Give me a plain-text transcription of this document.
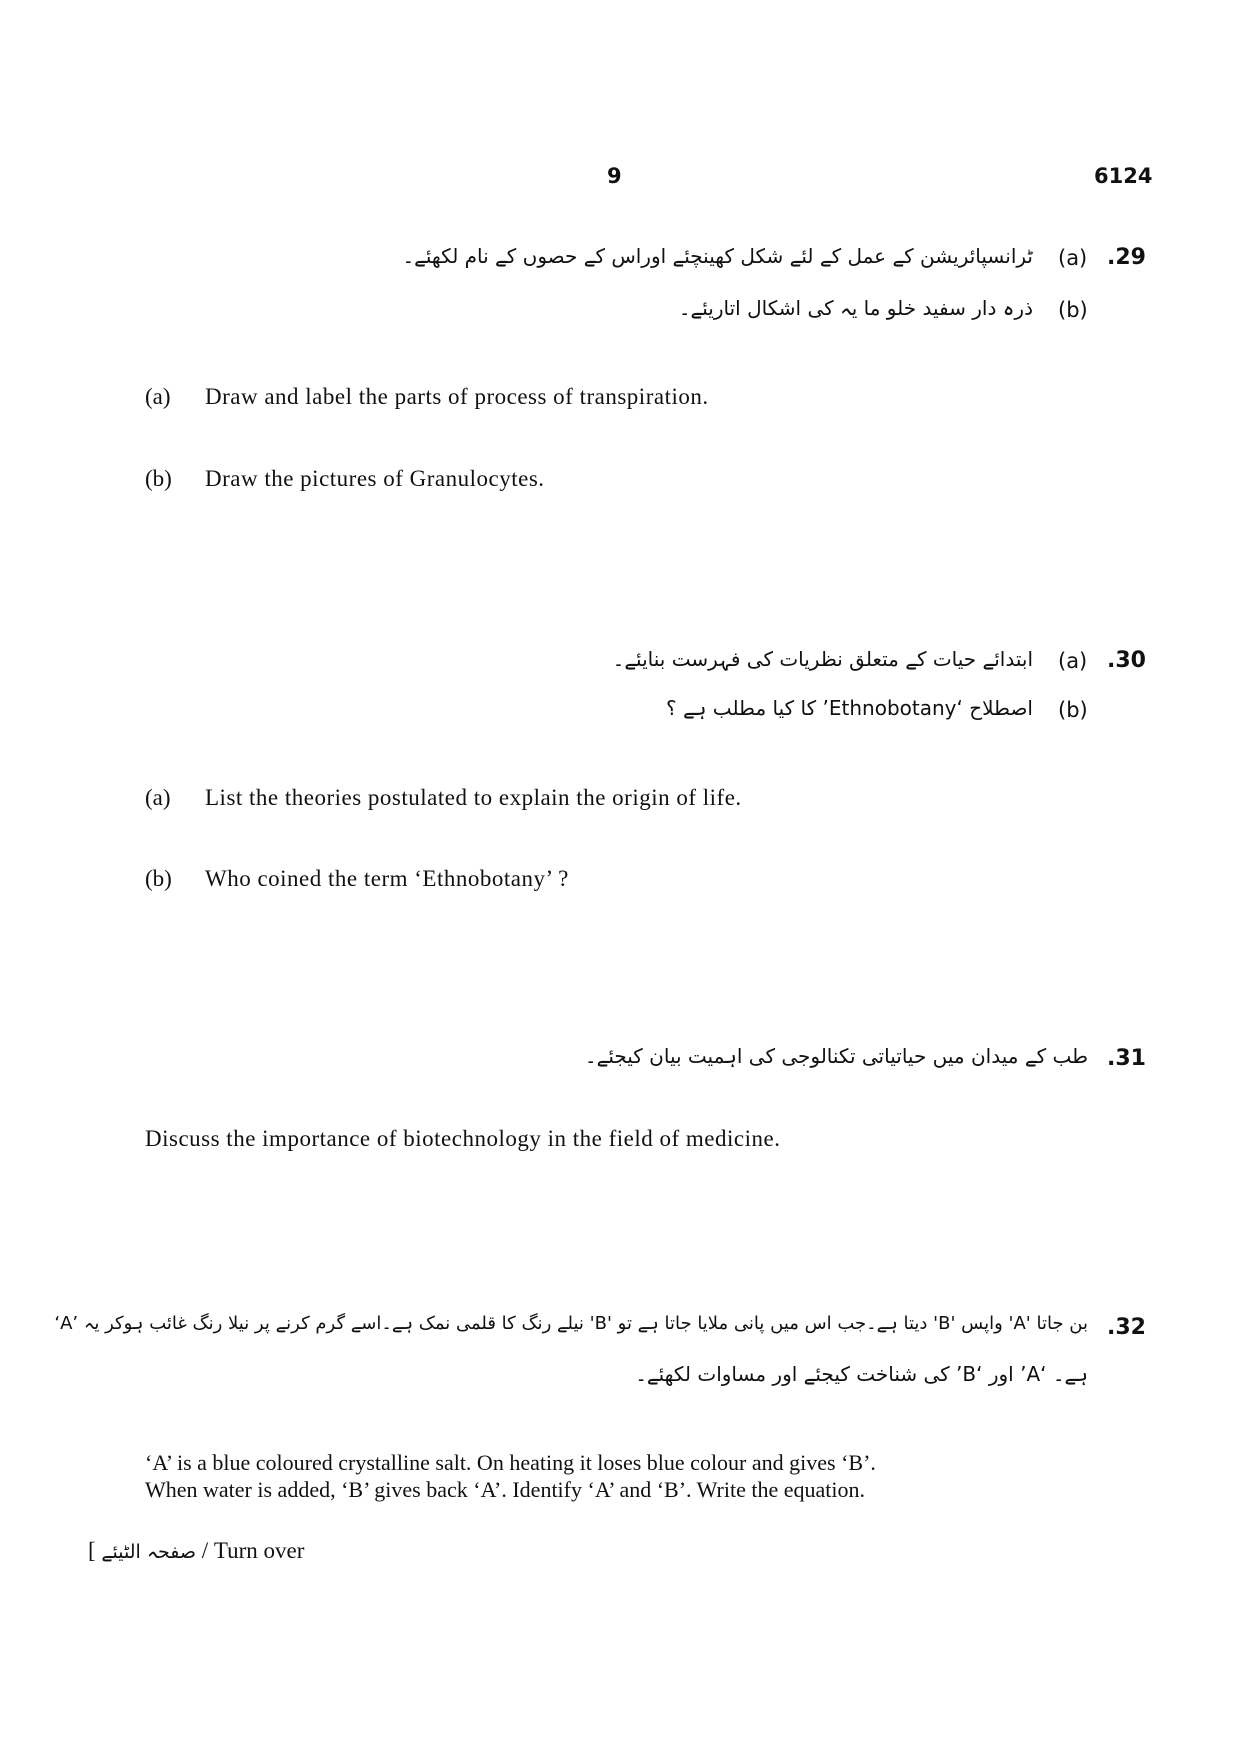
9	6124
.29
(a)
ٹرانسپائریشن کے عمل کے لئے شکل کھینچئے اوراس کے حصوں کے نام لکھئے۔
(b)
ذرہ دار سفید خلو ما یہ کی اشکال اتاریئے۔
(a) Draw and label the parts of process of transpiration.
(b) Draw the pictures of Granulocytes.
.30
(a)
ابتدائے حیات کے متعلق نظریات کی فہرست بنایئے۔
(b)
اصطلاح ‘Ethnobotany’ کا کیا مطلب ہے ؟
(a) List the theories postulated to explain the origin of life.
(b) Who coined the term ‘Ethnobotany’ ?
.31
طب کے میدان میں حیاتیاتی تکنالوجی کی اہمیت بیان کیجئے۔
Discuss the importance of biotechnology in the field of medicine.
.32
‘A’ نیلے رنگ کا قلمی نمک ہے۔اسے گرم کرنے پر نیلا رنگ غائب ہوکر یہ 'B' دیتا ہے۔جب اس میں پانی ملایا جاتا ہے تو 'B' واپس 'A' بن جاتا
ہے۔ ‘A’ اور ‘B’ کی شناخت کیجئے اور مساوات لکھئے۔
‘A’ is a blue coloured crystalline salt. On heating it loses blue colour and gives ‘B’.
When water is added, ‘B’ gives back ‘A’. Identify ‘A’ and ‘B’. Write the equation.
[ صفحہ الٹیئے / Turn over
